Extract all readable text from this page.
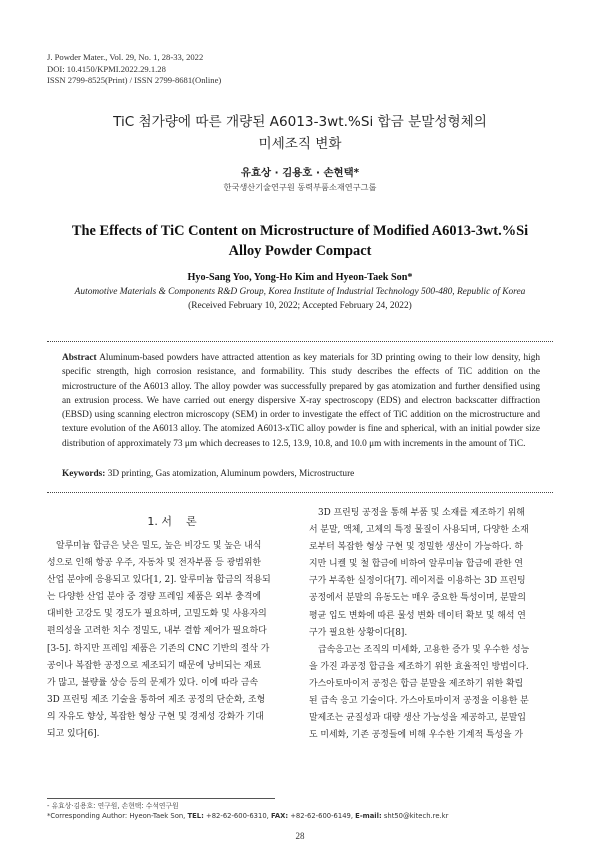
J. Powder Mater., Vol. 29, No. 1, 28-33, 2022
DOI: 10.4150/KPMI.2022.29.1.28
ISSN 2799-8525(Print) / ISSN 2799-8681(Online)
TiC 첨가량에 따른 개량된 A6013-3wt.%Si 합금 분말성형체의
미세조직 변화
유효상 · 김용호 · 손현택*
한국생산기술연구원 동력부품소재연구그룹
The Effects of TiC Content on Microstructure of Modified A6013-3wt.%Si
Alloy Powder Compact
Hyo-Sang Yoo, Yong-Ho Kim and Hyeon-Taek Son*
Automotive Materials & Components R&D Group, Korea Institute of Industrial Technology 500-480, Republic of Korea
(Received February 10, 2022; Accepted February 24, 2022)
Abstract Aluminum-based powders have attracted attention as key materials for 3D printing owing to their low density, high specific strength, high corrosion resistance, and formability. This study describes the effects of TiC addition on the microstructure of the A6013 alloy. The alloy powder was successfully prepared by gas atomization and further densified using an extrusion process. We have carried out energy dispersive X-ray spectroscopy (EDS) and electron backscatter diffraction (EBSD) using scanning electron microscopy (SEM) in order to investigate the effect of TiC addition on the microstructure and texture evolution of the A6013 alloy. The atomized A6013-xTiC alloy powder is fine and spherical, with an initial powder size distribution of approximately 73 μm which decreases to 12.5, 13.9, 10.8, and 10.0 μm with increments in the amount of TiC.
Keywords: 3D printing, Gas atomization, Aluminum powders, Microstructure
1. 서    론
알루미늄 합금은 낮은 밀도, 높은 비강도 및 높은 내식
성으로 인해 항공 우주, 자동차 및 전자부품 등 광범위한
산업 분야에 응용되고 있다[1, 2]. 알루미늄 합금의 적용되
는 다양한 산업 분야 중 경량 프레임 제품은 외부 충격에
대비한 고강도 및 경도가 필요하며, 고밀도화 및 사용자의
편의성을 고려한 치수 정밀도, 내부 결함 제어가 필요하다
[3-5]. 하지만 프레임 제품은 기존의 CNC 기반의 절삭 가
공이나 복잡한 공정으로 제조되기 때문에 낭비되는 재료
가 많고, 불량률 상승 등의 문제가 있다. 이에 따라 금속
3D 프린팅 제조 기술을 통하여 제조 공정의 단순화, 조형
의 자유도 향상, 복잡한 형상 구현 및 경제성 강화가 기대
되고 있다[6].
3D 프린팅 공정을 통해 부품 및 소재를 제조하기 위해
서 분말, 액체, 고체의 특정 물질이 사용되며, 다양한 소재
로부터 복잡한 형상 구현 및 정밀한 생산이 가능하다. 하
지만 니켈 및 철 합금에 비하여 알루미늄 합금에 관한 연
구가 부족한 실정이다[7]. 레이저를 이용하는 3D 프린팅
공정에서 분말의 유동도는 매우 중요한 특성이며, 분말의
평균 입도 변화에 따른 물성 변화 데이터 확보 및 해석 연
구가 필요한 상황이다[8].
급속응고는 조직의 미세화, 고용한 증가 및 우수한 성능
을 가진 과공정 합금을 제조하기 위한 효율적인 방법이다.
가스아토마이저 공정은 합금 분말을 제조하기 위한 확립
된 급속 응고 기술이다. 가스아토마이저 공정을 이용한 분
말제조는 균질성과 대량 생산 가능성을 제공하고, 분말입
도 미세화, 기존 공정들에 비해 우수한 기계적 특성을 가
- 유효상·김용호: 연구원, 손현택: 수석연구원
*Corresponding Author: Hyeon-Taek Son, TEL: +82-62-600-6310, FAX: +82-62-600-6149, E-mail: sht50@kitech.re.kr
28
